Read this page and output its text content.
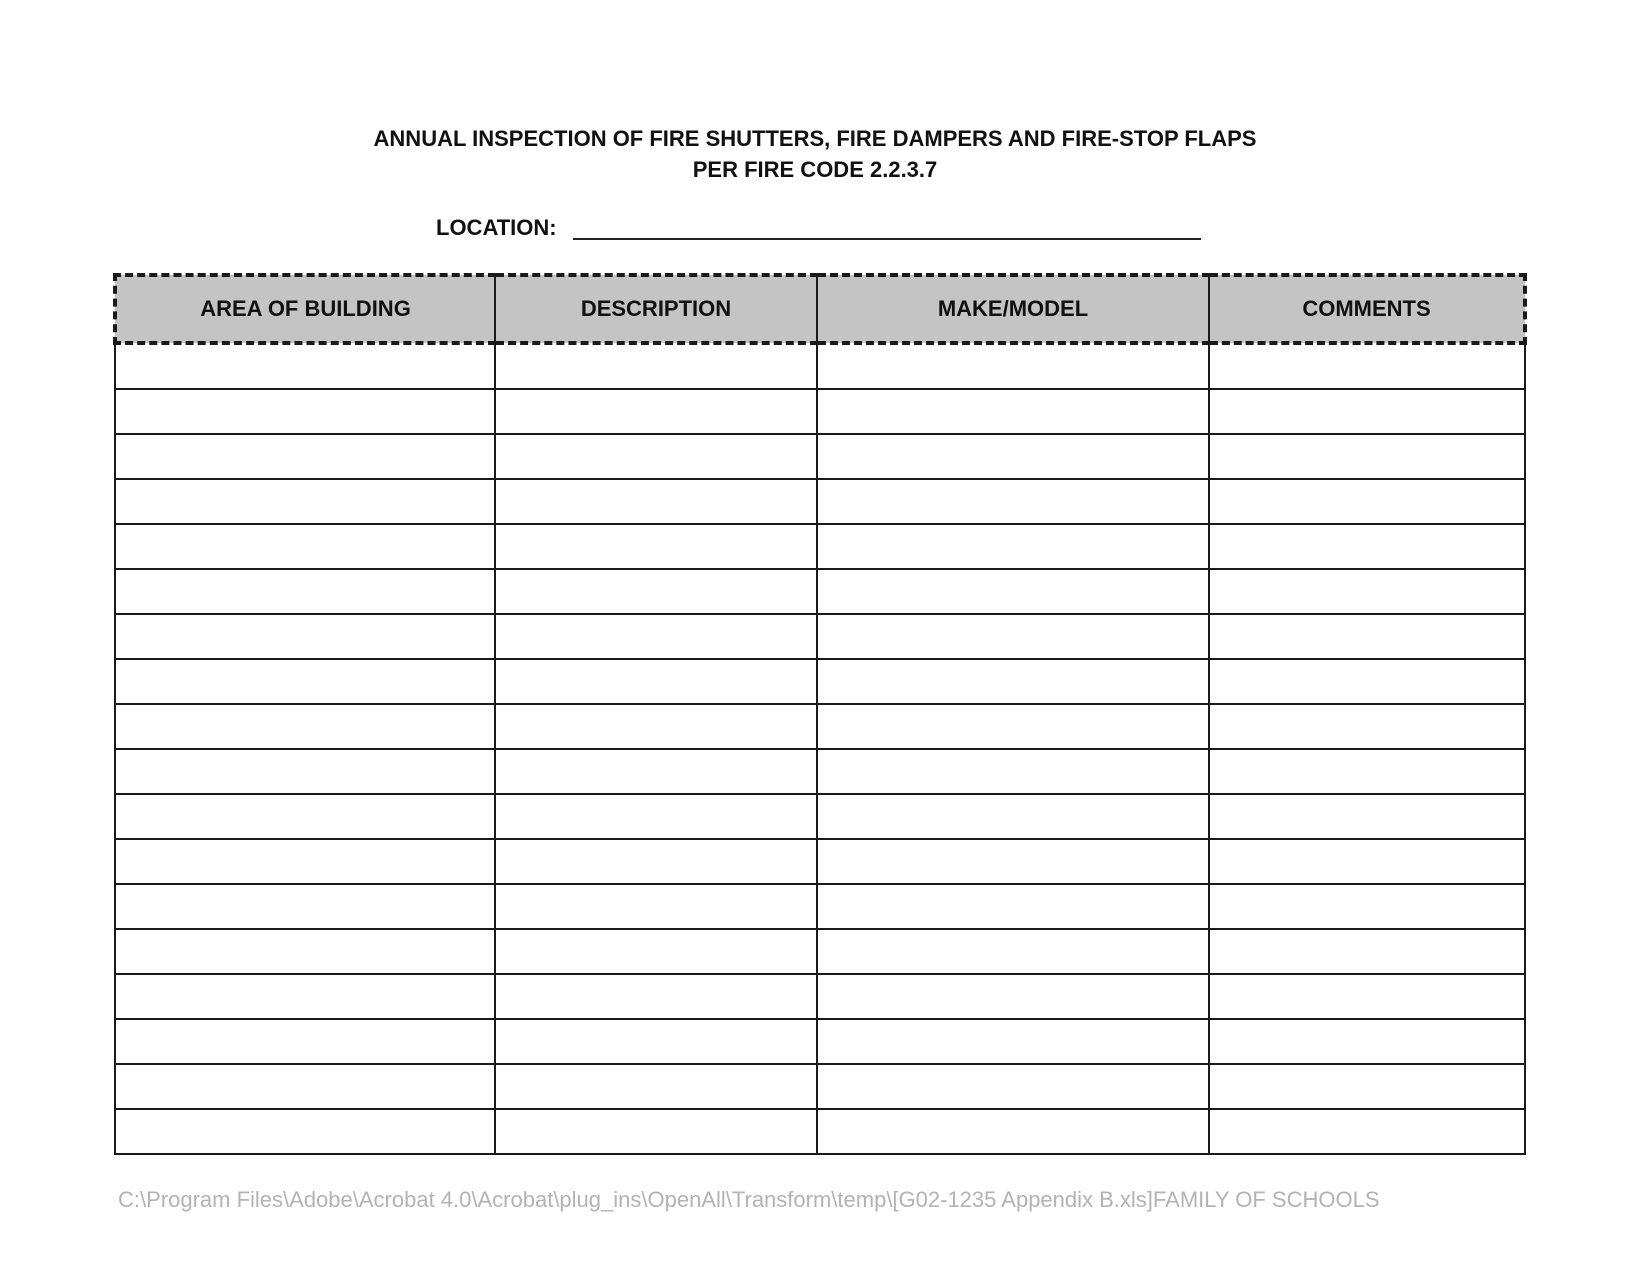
ANNUAL INSPECTION OF FIRE SHUTTERS, FIRE DAMPERS AND FIRE-STOP FLAPS
PER FIRE CODE 2.2.3.7
LOCATION:
AREA OF BUILDING	DESCRIPTION	MAKE/MODEL	COMMENTS

C:\Program Files\Adobe\Acrobat 4.0\Acrobat\plug_ins\OpenAll\Transform\temp\[G02-1235 Appendix B.xls]FAMILY OF SCHOOLS
